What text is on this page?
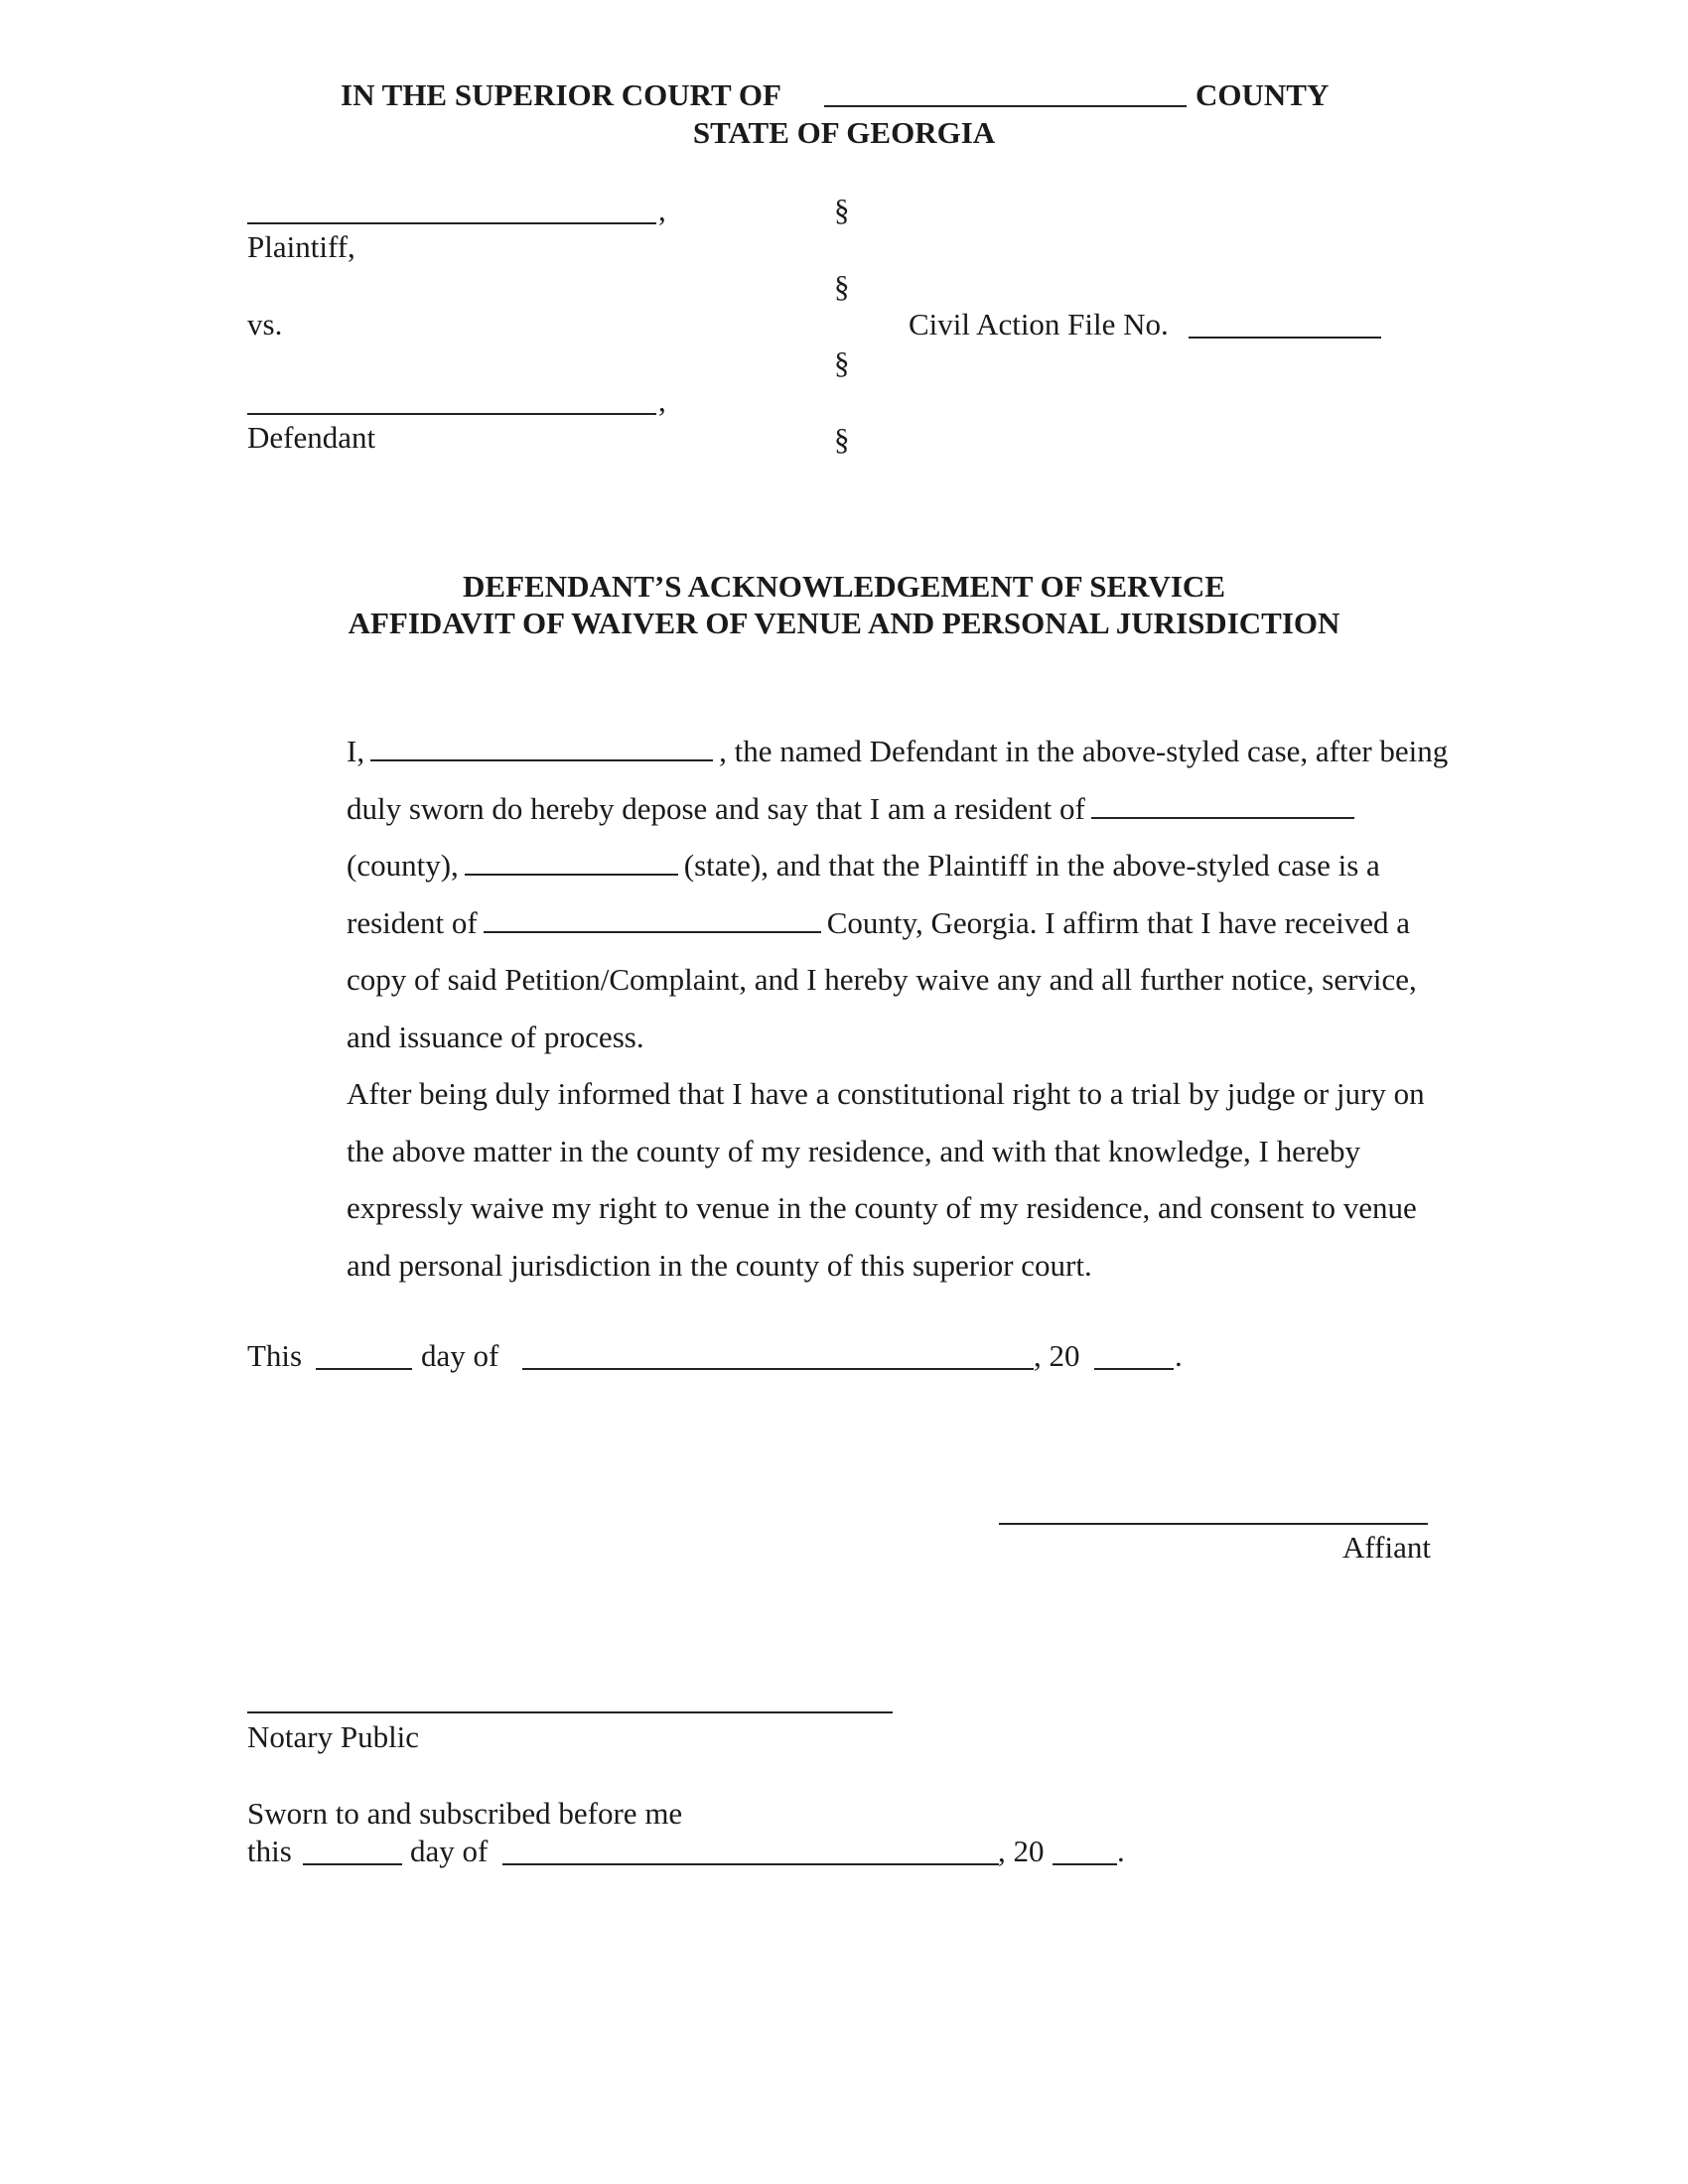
IN THE SUPERIOR COURT OF	COUNTY
STATE OF GEORGIA
,
Plaintiff,
vs.
,
Defendant
§
§
§
§
Civil Action File No.
DEFENDANT’S ACKNOWLEDGEMENT OF SERVICE
AFFIDAVIT OF WAIVER OF VENUE AND PERSONAL JURISDICTION

I,	, the named Defendant in the above-styled case, after being duly sworn do hereby depose and say that I am a resident of (county),	(state), and that the Plaintiff in the above-styled case is a resident of	County, Georgia. I affirm that I have received a copy of said Petition/Complaint, and I hereby waive any and all further notice, service, and issuance of process.

After being duly informed that I have a constitutional right to a trial by judge or jury on the above matter in the county of my residence, and with that knowledge, I hereby expressly waive my right to venue in the county of my residence, and consent to venue and personal jurisdiction in the county of this superior court.

This	day of	, 20	.
Affiant
Notary Public
Sworn to and subscribed before me
this	day of	, 20 .
